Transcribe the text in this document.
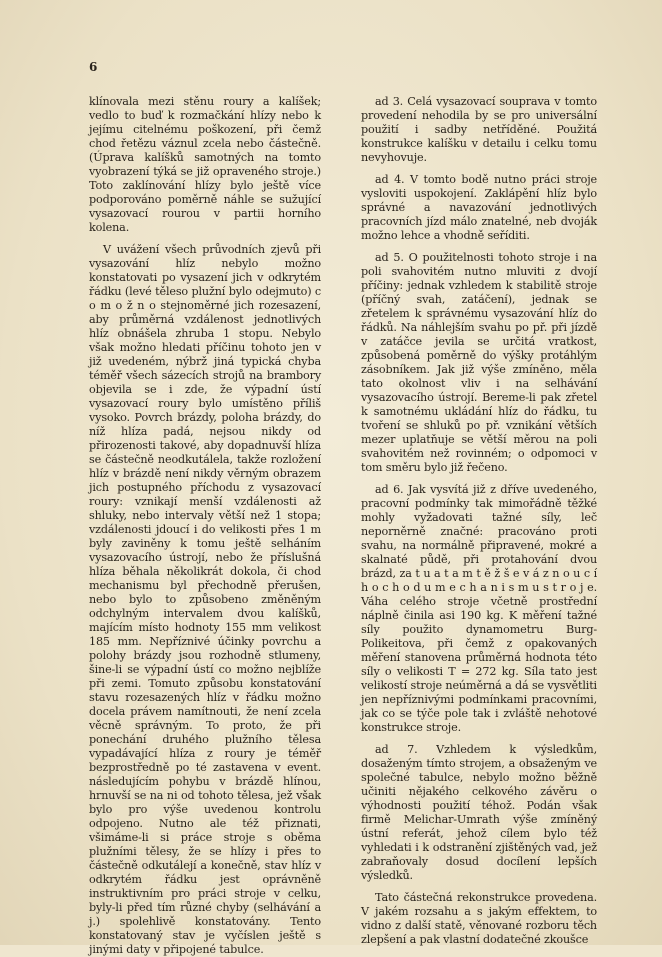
6

klínovala mezi stěnu roury a kalíšek; vedlo to buď k rozmačkání hlízy nebo k jejímu citelnému poškození, při čemž chod řetězu váznul zcela nebo částečně. (Úprava kalíšků samotných na tomto vyobrazení týká se již opraveného stroje.) Toto zaklínování hlízy bylo ještě více podporováno poměrně náhle se sužující vysazovací rourou v partii horního kolena.

V uvážení všech průvodních zjevů při vysazování hlíz nebylo možno konstatovati po vysazení jich v odkrytém řádku (levé těleso plužní bylo odejmuto) c o m o ž n o stejnoměrné jich rozesazení, aby průměrná vzdálenost jednotlivých hlíz obnášela zhruba 1 stopu. Nebylo však možno hledati příčinu tohoto jen v již uvedeném, nýbrž jiná typická chyba téměř všech sázecích strojů na brambory objevila se i zde, že výpadní ústí vysazovací roury bylo umístěno příliš vysoko. Povrch brázdy, poloha brázdy, do níž hlíza padá, nejsou nikdy od přirozenosti takové, aby dopadnuvší hlíza se částečně neodkutálela, takže rozložení hlíz v brázdě není nikdy věrným obrazem jich postupného příchodu z vysazovací roury: vznikají menší vzdálenosti až shluky, nebo intervaly větší než 1 stopa; vzdálenosti jdoucí i do velikosti přes 1 m byly zaviněny k tomu ještě selháním vysazovacího ústrojí, nebo že příslušná hlíza běhala několikrát dokola, či chod mechanismu byl přechodně přerušen, nebo bylo to způsobeno změněným odchylným intervalem dvou kalíšků, majícím místo hodnoty 155 mm velikost 185 mm. Nepříznivé účinky povrchu a polohy brázdy jsou rozhodně stlumeny, šine-li se výpadní ústí co možno nejblíže při zemi. Tomuto způsobu konstatování stavu rozesazených hlíz v řádku možno docela právem namítnouti, že není zcela věcně správným. To proto, že při ponechání druhého plužního tělesa vypadávající hlíza z roury je téměř bezprostředně po té zastavena v event. následujícím pohybu v brázdě hlínou, hrnuvší se na ni od tohoto tělesa, jež však bylo pro výše uvedenou kontrolu odpojeno. Nutno ale též přiznati, všimáme-li si práce stroje s oběma plužními tělesy, že se hlízy i přes to částečně odkutálejí a konečně, stav hlíz v odkrytém řádku jest oprávněně instruktivním pro práci stroje v celku, byly-li před tím různé chyby (selhávání a j.) spolehlivě konstatovány. Tento konstatovaný stav je vyčíslen ještě s jinými daty v připojené tabulce.

ad 3. Celá vysazovací souprava v tomto provedení nehodila by se pro universální použití i sadby netříděné. Použitá konstrukce kalíšku v detailu i celku tomu nevyhovuje.

ad 4. V tomto bodě nutno práci stroje vysloviti uspokojení. Zaklápění hlíz bylo správné a navazování jednotlivých pracovních jízd málo znatelné, neb dvoják možno lehce a vhodně seříditi.

ad 5. O použitelnosti tohoto stroje i na poli svahovitém nutno mluviti z dvojí příčiny: jednak vzhledem k stabilitě stroje (příčný svah, zatáčení), jednak se zřetelem k správnému vysazování hlíz do řádků. Na náhlejším svahu po př. při jízdě v zatáčce jevila se určitá vratkost, způsobená poměrně do výšky protáhlým zásobníkem. Jak již výše zmíněno, měla tato okolnost vliv i na selhávání vysazovacího ústrojí. Bereme-li pak zřetel k samotnému ukládání hlíz do řádku, tu tvoření se shluků po př. vznikání větších mezer uplatňuje se větší měrou na poli svahovitém než rovinném; o odpomoci v tom směru bylo již řečeno.

ad 6. Jak vysvítá již z dříve uvedeného, pracovní podmínky tak mimořádně těžké mohly vyžadovati tažné síly, leč neporněrně značné: pracováno proti svahu, na normálně připravené, mokré a skalnaté půdě, při protahování dvou brázd, za t u a t a m t ě ž š e v á z n o u c í h o c h o d u m e c h a n i s m u s t r o j e. Váha celého stroje včetně prostřední náplně činila asi 190 kg. K měření tažné síly použito dynamometru Burg-Polikeitova, při čemž z opakovaných měření stanovena průměrná hodnota této síly o velikosti T = 272 kg. Síla tato jest velikostí stroje neúměrná a dá se vysvětliti jen nepříznivými podmínkami pracovními, jak co se týče pole tak i zvláště nehotové konstrukce stroje.

ad 7. Vzhledem k výsledkům, dosaženým tímto strojem, a obsaženým ve společné tabulce, nebylo možno běžně učiniti nějakého celkového závěru o výhodnosti použití téhož. Podán však firmě Melichar-Umrath výše zmíněný ústní referát, jehož cílem bylo též vyhledati i k odstranění zjištěných vad, jež zabraňovaly dosud docílení lepších výsledků.

Tato částečná rekonstrukce provedena. V jakém rozsahu a s jakým effektem, to vidno z další statě, věnované rozboru těch zlepšení a pak vlastní dodatečné zkoušce
